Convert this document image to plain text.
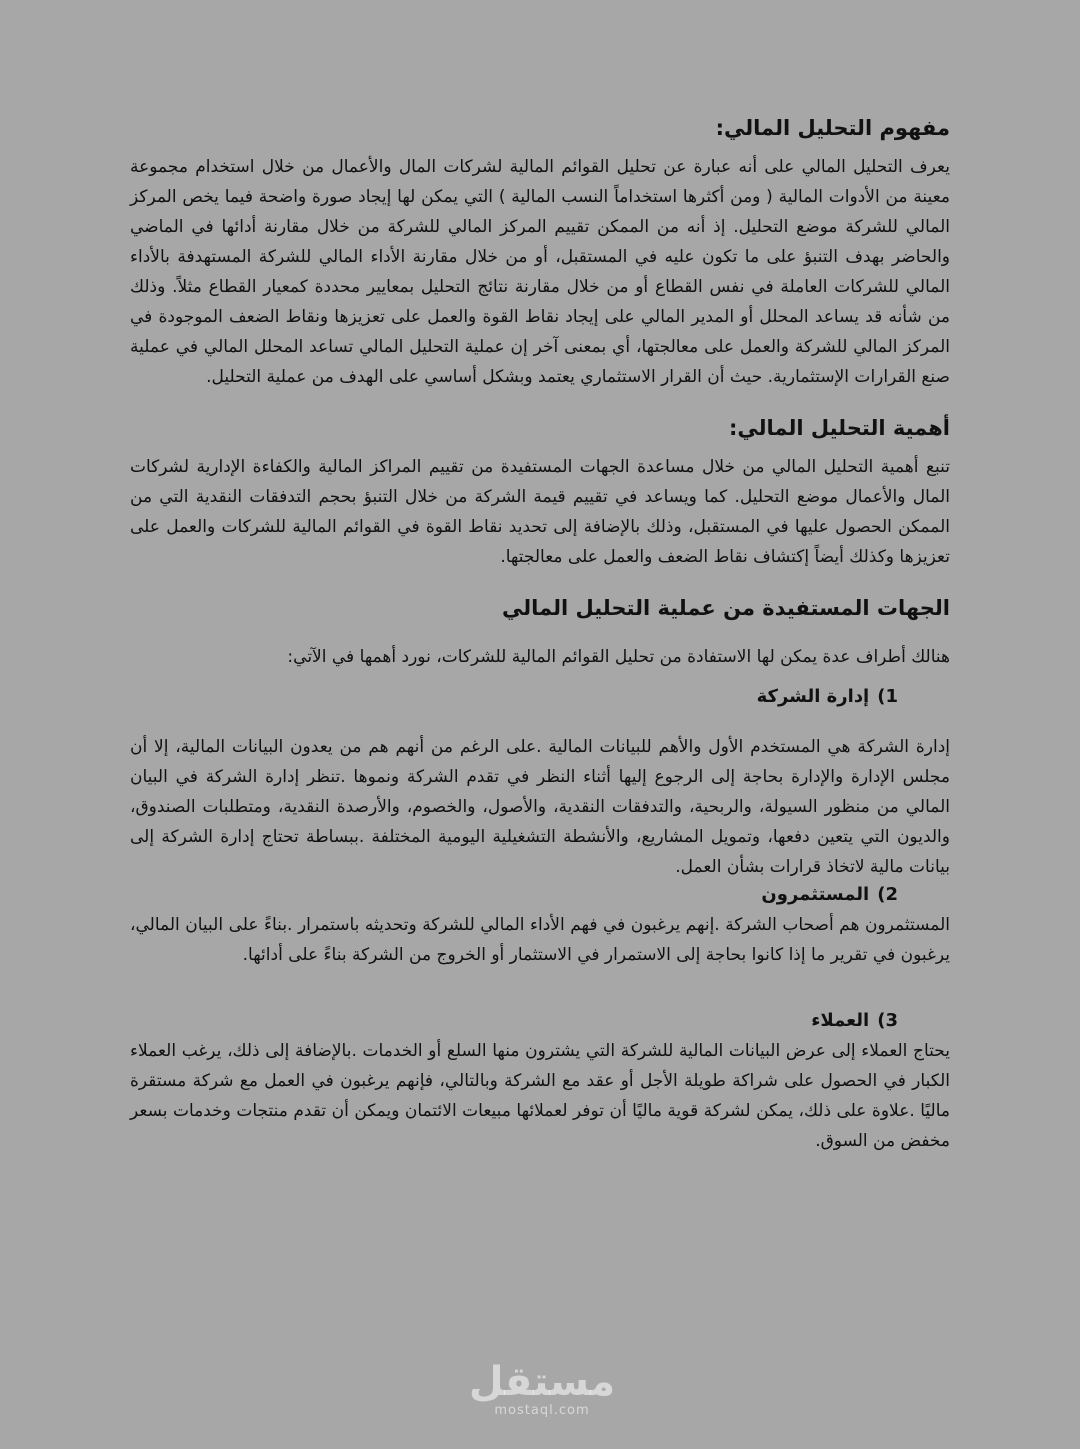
مفهوم التحليل المالي:

يعرف التحليل المالي على أنه عبارة عن تحليل القوائم المالية لشركات المال والأعمال من خلال استخدام مجموعة معينة من الأدوات المالية ( ومن أكثرها استخداماً النسب المالية ) التي يمكن لها إيجاد صورة واضحة فيما يخص المركز المالي للشركة موضع التحليل. إذ أنه من الممكن تقييم المركز المالي للشركة من خلال مقارنة أدائها في الماضي والحاضر بهدف التنبؤ على ما تكون عليه في المستقبل، أو من خلال مقارنة الأداء المالي للشركة المستهدفة بالأداء المالي للشركات العاملة في نفس القطاع أو من خلال مقارنة نتائج التحليل بمعايير محددة كمعيار القطاع مثلاً. وذلك من شأنه قد يساعد المحلل أو المدير المالي على إيجاد نقاط القوة والعمل على تعزيزها ونقاط الضعف الموجودة في المركز المالي للشركة والعمل على معالجتها، أي بمعنى آخر إن عملية التحليل المالي تساعد المحلل المالي في عملية صنع القرارات الإستثمارية. حيث أن القرار الاستثماري يعتمد وبشكل أساسي على الهدف من عملية التحليل.

أهمية التحليل المالي:

تنبع أهمية التحليل المالي من خلال مساعدة الجهات المستفيدة من تقييم المراكز المالية والكفاءة الإدارية لشركات المال والأعمال موضع التحليل. كما ويساعد في تقييم قيمة الشركة من خلال التنبؤ بحجم التدفقات النقدية التي من الممكن الحصول عليها في المستقبل، وذلك بالإضافة إلى تحديد نقاط القوة في القوائم المالية للشركات والعمل على تعزيزها وكذلك أيضاً إكتشاف نقاط الضعف والعمل على معالجتها.

الجهات المستفيدة من عملية التحليل المالي

هنالك أطراف عدة يمكن لها الاستفادة من تحليل القوائم المالية للشركات، نورد أهمها في الآتي:

1)إدارة الشركة

إدارة الشركة هي المستخدم الأول والأهم للبيانات المالية .على الرغم من أنهم هم من يعدون البيانات المالية، إلا أن مجلس الإدارة والإدارة بحاجة إلى الرجوع إليها أثناء النظر في تقدم الشركة ونموها .تنظر إدارة الشركة في البيان المالي من منظور السيولة، والربحية، والتدفقات النقدية، والأصول، والخصوم، والأرصدة النقدية، ومتطلبات الصندوق، والديون التي يتعين دفعها، وتمويل المشاريع، والأنشطة التشغيلية اليومية المختلفة .ببساطة تحتاج إدارة الشركة إلى بيانات مالية لاتخاذ قرارات بشأن العمل.

2)المستثمرون

المستثمرون هم أصحاب الشركة .إنهم يرغبون في فهم الأداء المالي للشركة وتحديثه باستمرار .بناءً على البيان المالي، يرغبون في تقرير ما إذا كانوا بحاجة إلى الاستمرار في الاستثمار أو الخروج من الشركة بناءً على أدائها.

3)العملاء

يحتاج العملاء إلى عرض البيانات المالية للشركة التي يشترون منها السلع أو الخدمات .بالإضافة إلى ذلك، يرغب العملاء الكبار في الحصول على شراكة طويلة الأجل أو عقد مع الشركة وبالتالي، فإنهم يرغبون في العمل مع شركة مستقرة ماليًا .علاوة على ذلك، يمكن لشركة قوية ماليًا أن توفر لعملائها مبيعات الائتمان ويمكن أن تقدم منتجات وخدمات بسعر مخفض من السوق.

مستقل
mostaql.com
